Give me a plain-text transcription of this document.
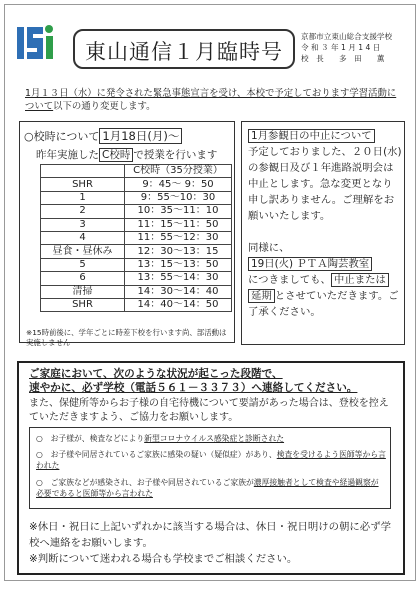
東山通信１月臨時号
京都市立東山総合支援学校
令 和 ３ 年 1 月 1 4 日
校　長　　多　田　　薫
1月１３日（水）に発令された緊急事態宣言を受け、本校で予定しております学習活動について以下の通り変更します。
○校時について 1月18日(月)～
昨年実施した C校時 で授業を行います
	C校時（35分授業）
SHR	9：45～ 9：50
1	9：55～10：30
2	10：35～11：10
3	11：15～11：50
4	11：55～12：30
昼食・昼休み	12：30～13：15
5	13：15～13：50
6	13：55～14：30
清掃	14：30～14：40
SHR	14：40～14：50
※15時前後に、学年ごとに時差下校を行います尚、部活動は実施しません
1月参観日の中止について
予定しておりました、２０日(水)の参観日及び１年進路説明会は中止とします。急な変更となり申し訳ありません。ご理解をお願いいたします。

同様に、
19日(火) ＰＴＡ陶芸教室
につきましても、 中止または
延期 とさせていただきます。ご了承ください。
ご家庭において、次のような状況が起こった段階で、
速やかに、必ず学校（電話５６１－３３７３）へ連絡してください。
また、保健所等からお子様の自宅待機について要請があった場合は、登校を控えていただきますよう、ご協力をお願いします。
○　お子様が、検査などにより新型コロナウイルス感染症と診断された
○　お子様や同居されているご家族に感染の疑い（疑似症）があり、検査を受けるよう医師等から言われた
○　ご家族などが感染され、お子様や同居されているご家族が濃厚接触者として検査や経過観察が必要であると医師等から言われた
※休日・祝日に上記いずれかに該当する場合は、休日・祝日明けの朝に必ず学校へ連絡をお願いします。
※判断について迷われる場合も学校までご相談ください。
